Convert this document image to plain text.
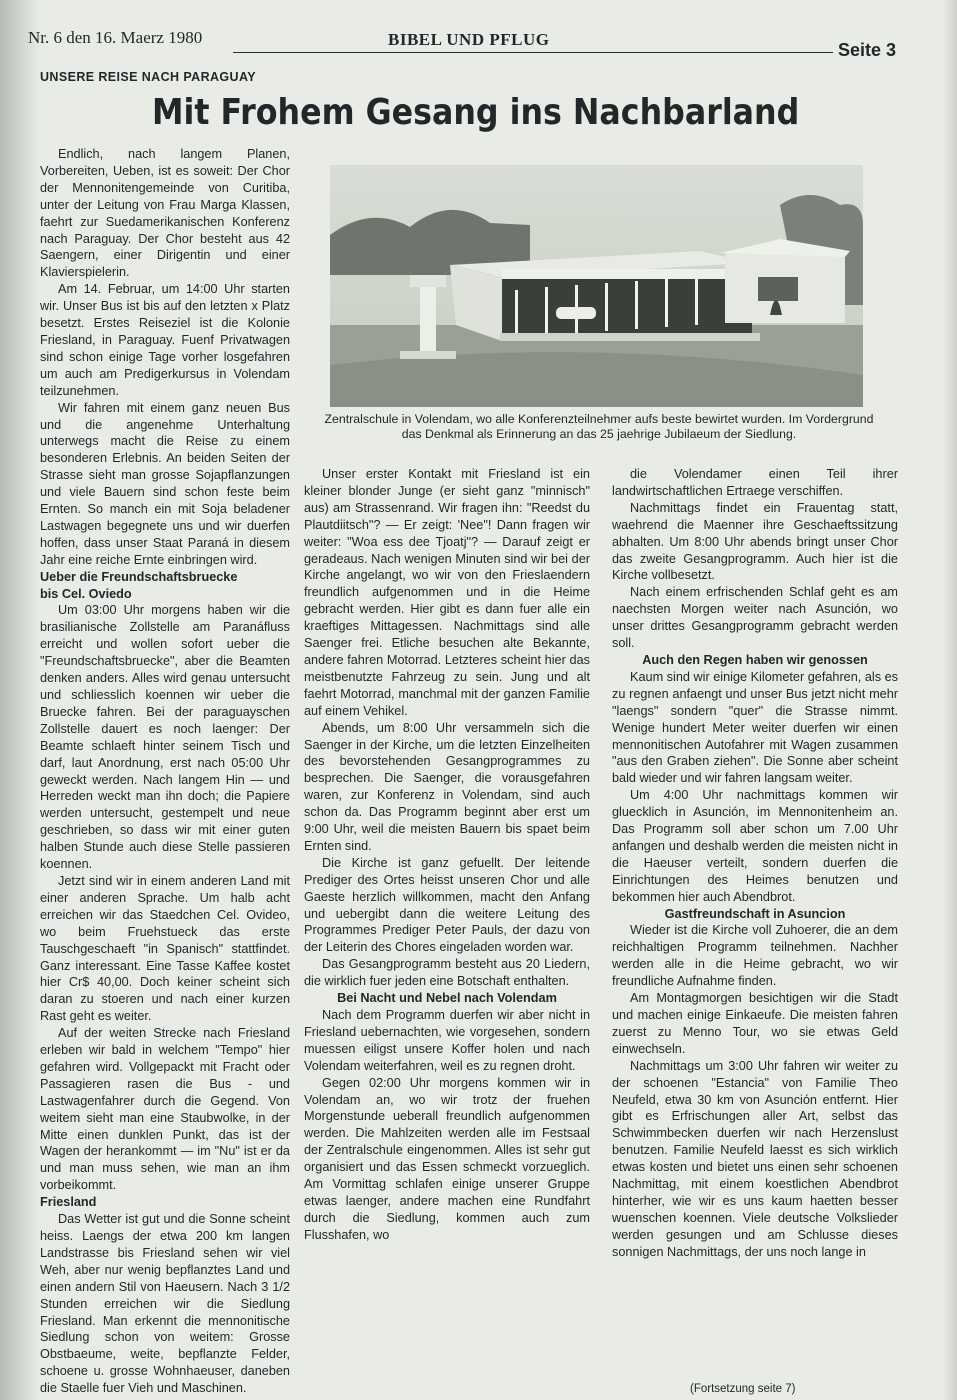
Nr. 6 den 16. Maerz 1980	BIBEL UND PFLUG
Seite 3
UNSERE REISE NACH PARAGUAY
Mit Frohem Gesang ins Nachbarland

Endlich, nach langem Planen, Vorbereiten, Ueben, ist es soweit: Der Chor der Mennonitengemeinde von Curitiba, unter der Leitung von Frau Marga Klassen, faehrt zur Suedamerikanischen Konferenz nach Paraguay. Der Chor besteht aus 42 Saengern, einer Dirigentin und einer Klavierspielerin.

Am 14. Februar, um 14:00 Uhr starten wir. Unser Bus ist bis auf den letzten x Platz besetzt. Erstes Reiseziel ist die Kolonie Friesland, in Paraguay. Fuenf Privatwagen sind schon einige Tage vorher losgefahren um auch am Predigerkursus in Volendam teilzunehmen.

Wir fahren mit einem ganz neuen Bus und die angenehme Unterhaltung unterwegs macht die Reise zu einem besonderen Erlebnis. An beiden Seiten der Strasse sieht man grosse Sojapflanzungen und viele Bauern sind schon feste beim Ernten. So manch ein mit Soja beladener Lastwagen begegnete uns und wir duerfen hoffen, dass unser Staat Paraná in diesem Jahr eine reiche Ernte einbringen wird.

Ueber die Freundschaftsbruecke

bis Cel. Oviedo

Um 03:00 Uhr morgens haben wir die brasilianische Zollstelle am Paranáfluss erreicht und wollen sofort ueber die "Freundschaftsbruecke", aber die Beamten denken anders. Alles wird genau untersucht und schliesslich koennen wir ueber die Bruecke fahren. Bei der paraguayschen Zollstelle dauert es noch laenger: Der Beamte schlaeft hinter seinem Tisch und darf, laut Anordnung, erst nach 05:00 Uhr geweckt werden. Nach langem Hin — und Herreden weckt man ihn doch; die Papiere werden untersucht, gestempelt und neue geschrieben, so dass wir mit einer guten halben Stunde auch diese Stelle passieren koennen.

Jetzt sind wir in einem anderen Land mit einer anderen Sprache. Um halb acht erreichen wir das Staedchen Cel. Ovideo, wo beim Fruehstueck das erste Tauschgeschaeft "in Spanisch" stattfindet. Ganz interessant. Eine Tasse Kaffee kostet hier Cr$ 40,00. Doch keiner scheint sich daran zu stoeren und nach einer kurzen Rast geht es weiter.

Auf der weiten Strecke nach Friesland erleben wir bald in welchem "Tempo" hier gefahren wird. Vollgepackt mit Fracht oder Passagieren rasen die Bus - und Lastwagenfahrer durch die Gegend. Von weitem sieht man eine Staubwolke, in der Mitte einen dunklen Punkt, das ist der Wagen der herankommt — im "Nu" ist er da und man muss sehen, wie man an ihm vorbeikommt.

Friesland

Das Wetter ist gut und die Sonne scheint heiss. Laengs der etwa 200 km langen Landstrasse bis Friesland sehen wir viel Weh, aber nur wenig bepflanztes Land und einen andern Stil von Haeusern. Nach 3 1/2 Stunden erreichen wir die Siedlung Friesland. Man erkennt die mennonitische Siedlung schon von weitem: Grosse Obstbaeume, weite, bepflanzte Felder, schoene u. grosse Wohnhaeuser, daneben die Staelle fuer Vieh und Maschinen.

Zentralschule in Volendam, wo alle Konferenzteilnehmer aufs beste bewirtet wurden. Im Vordergrund das Denkmal als Erinnerung an das 25 jaehrige Jubilaeum der Siedlung.

Unser erster Kontakt mit Friesland ist ein kleiner blonder Junge (er sieht ganz "minnisch" aus) am Strassenrand. Wir fragen ihn: "Reedst du Plautdiitsch"? — Er zeigt: 'Nee"! Dann fragen wir weiter: "Woa ess dee Tjoatj"? — Darauf zeigt er geradeaus. Nach wenigen Minuten sind wir bei der Kirche angelangt, wo wir von den Frieslaendern freundlich aufgenommen und in die Heime gebracht werden. Hier gibt es dann fuer alle ein kraeftiges Mittagessen. Nachmittags sind alle Saenger frei. Etliche besuchen alte Bekannte, andere fahren Motorrad. Letzteres scheint hier das meistbenutzte Fahrzeug zu sein. Jung und alt faehrt Motorrad, manchmal mit der ganzen Familie auf einem Vehikel.

Abends, um 8:00 Uhr versammeln sich die Saenger in der Kirche, um die letzten Einzelheiten des bevorstehenden Gesangprogrammes zu besprechen. Die Saenger, die vorausgefahren waren, zur Konferenz in Volendam, sind auch schon da. Das Programm beginnt aber erst um 9:00 Uhr, weil die meisten Bauern bis spaet beim Ernten sind.

Die Kirche ist ganz gefuellt. Der leitende Prediger des Ortes heisst unseren Chor und alle Gaeste herzlich willkommen, macht den Anfang und uebergibt dann die weitere Leitung des Programmes Prediger Peter Pauls, der dazu von der Leiterin des Chores eingeladen worden war.

Das Gesangprogramm besteht aus 20 Liedern, die wirklich fuer jeden eine Botschaft enthalten.

Bei Nacht und Nebel nach Volendam

Nach dem Programm duerfen wir aber nicht in Friesland uebernachten, wie vorgesehen, sondern muessen eiligst unsere Koffer holen und nach Volendam weiterfahren, weil es zu regnen droht.

Gegen 02:00 Uhr morgens kommen wir in Volendam an, wo wir trotz der fruehen Morgenstunde ueberall freundlich aufgenommen werden. Die Mahlzeiten werden alle im Festsaal der Zentralschule eingenommen. Alles ist sehr gut organisiert und das Essen schmeckt vorzueglich. Am Vormittag schlafen einige unserer Gruppe etwas laenger, andere machen eine Rundfahrt durch die Siedlung, kommen auch zum Flusshafen, wo

die Volendamer einen Teil ihrer landwirtschaftlichen Ertraege verschiffen.

Nachmittags findet ein Frauentag statt, waehrend die Maenner ihre Geschaeftssitzung abhalten. Um 8:00 Uhr abends bringt unser Chor das zweite Gesangprogramm. Auch hier ist die Kirche vollbesetzt.

Nach einem erfrischenden Schlaf geht es am naechsten Morgen weiter nach Asunción, wo unser drittes Gesangprogramm gebracht werden soll.

Auch den Regen haben wir genossen

Kaum sind wir einige Kilometer gefahren, als es zu regnen anfaengt und unser Bus jetzt nicht mehr "laengs" sondern "quer" die Strasse nimmt. Wenige hundert Meter weiter duerfen wir einen mennonitischen Autofahrer mit Wagen zusammen "aus den Graben ziehen". Die Sonne aber scheint bald wieder und wir fahren langsam weiter.

Um 4:00 Uhr nachmittags kommen wir gluecklich in Asunción, im Mennonitenheim an. Das Programm soll aber schon um 7.00 Uhr anfangen und deshalb werden die meisten nicht in die Haeuser verteilt, sondern duerfen die Einrichtungen des Heimes benutzen und bekommen hier auch Abendbrot.

Gastfreundschaft in Asuncion

Wieder ist die Kirche voll Zuhoerer, die an dem reichhaltigen Programm teilnehmen. Nachher werden alle in die Heime gebracht, wo wir freundliche Aufnahme finden.

Am Montagmorgen besichtigen wir die Stadt und machen einige Einkaeufe. Die meisten fahren zuerst zu Menno Tour, wo sie etwas Geld einwechseln.

Nachmittags um 3:00 Uhr fahren wir weiter zu der schoenen "Estancia" von Familie Theo Neufeld, etwa 30 km von Asunción entfernt. Hier gibt es Erfrischungen aller Art, selbst das Schwimmbecken duerfen wir nach Herzenslust benutzen. Familie Neufeld laesst es sich wirklich etwas kosten und bietet uns einen sehr schoenen Nachmittag, mit einem koestlichen Abendbrot hinterher, wie wir es uns kaum haetten besser wuenschen koennen. Viele deutsche Volkslieder werden gesungen und am Schlusse dieses sonnigen Nachmittags, der uns noch lange in

(Fortsetzung seite 7)
